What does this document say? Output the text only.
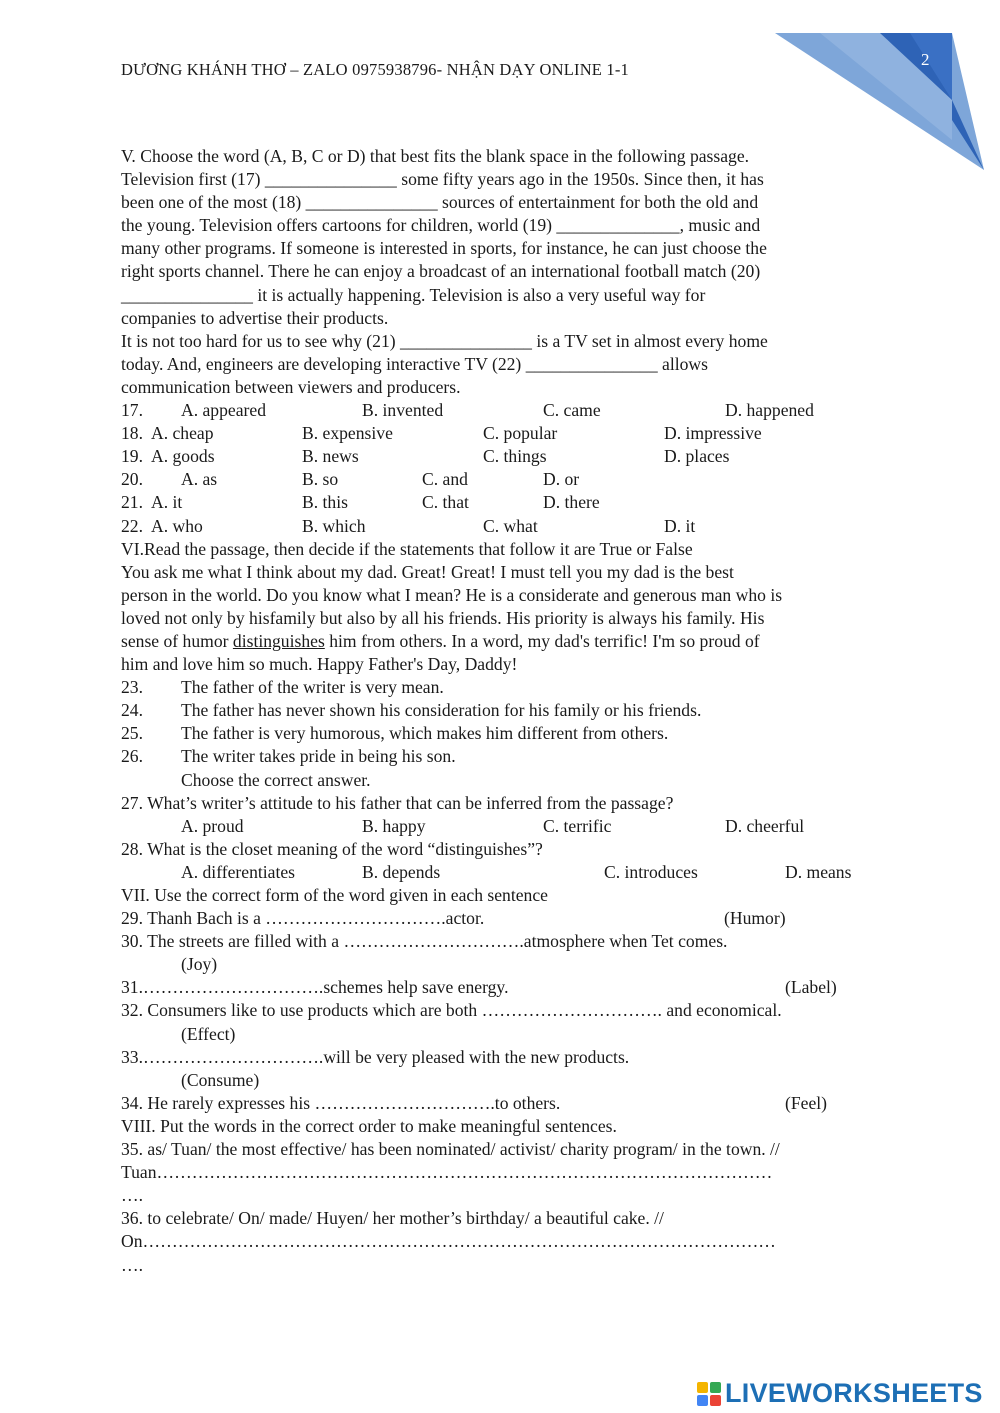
DƯƠNG KHÁNH THƠ – ZALO 0975938796- NHẬN DẠY ONLINE 1-1
2
V. Choose the word (A, B, C or D) that best fits the blank space in the following passage.
Television first (17) _______________ some fifty years ago in the 1950s. Since then, it has
been one of the most (18) _______________ sources of entertainment for both the old and
the young. Television offers cartoons for children, world (19) ______________, music and
many other programs. If someone is interested in sports, for instance, he can just choose the
right sports channel. There he can enjoy a broadcast of an international football match (20)
_______________ it is actually happening. Television is also a very useful way for
companies to advertise their products.
It is not too hard for us to see why (21) _______________ is a TV set in almost every home
today. And, engineers are developing interactive TV (22) _______________ allows
communication between viewers and producers.
17. A. appeared	B. invented	C. came	D. happened
18. A. cheap	B. expensive	C. popular	D. impressive
19. A. goods	B. news	C. things	D. places
20. A. as	B. so	C. and	D. or
21. A. it	B. this	C. that	D. there
22. A. who	B. which	C. what	D. it
VI.Read the passage, then decide if the statements that follow it are True or False
You ask me what I think about my dad. Great! Great! I must tell you my dad is the best
person in the world. Do you know what I mean? He is a considerate and generous man who is
loved not only by hisfamily but also by all his friends. His priority is always his family. His
sense of humor distinguishes him from others. In a word, my dad's terrific! I'm so proud of
him and love him so much. Happy Father's Day, Daddy!
23. The father of the writer is very mean.
24. The father has never shown his consideration for his family or his friends.
25. The father is very humorous, which makes him different from others.
26. The writer takes pride in being his son.
Choose the correct answer.
27. What’s writer’s attitude to his father that can be inferred from the passage?
A. proud	B. happy	C. terrific	D. cheerful
28. What is the closet meaning of the word “distinguishes”?
A. differentiates	B. depends	C. introduces	D. means
VII. Use the correct form of the word given in each sentence
29. Thanh Bach is a ………………………….actor.	(Humor)
30. The streets are filled with a ………………………….atmosphere when Tet comes.
(Joy)
31.………………………….schemes help save energy.	(Label)
32. Consumers like to use products which are both …………………………. and economical.
(Effect)
33.………………………….will be very pleased with the new products.
(Consume)
34. He rarely expresses his ………………………….to others.	(Feel)
VIII. Put the words in the correct order to make meaningful sentences.
35. as/ Tuan/ the most effective/ has been nominated/ activist/ charity program/ in the town. //
Tuan……………………………………………………………………………………………
….
36. to celebrate/ On/ made/ Huyen/ her mother’s birthday/ a beautiful cake. //
On………………………………………………………………………………………………
….
LIVEWORKSHEETS
